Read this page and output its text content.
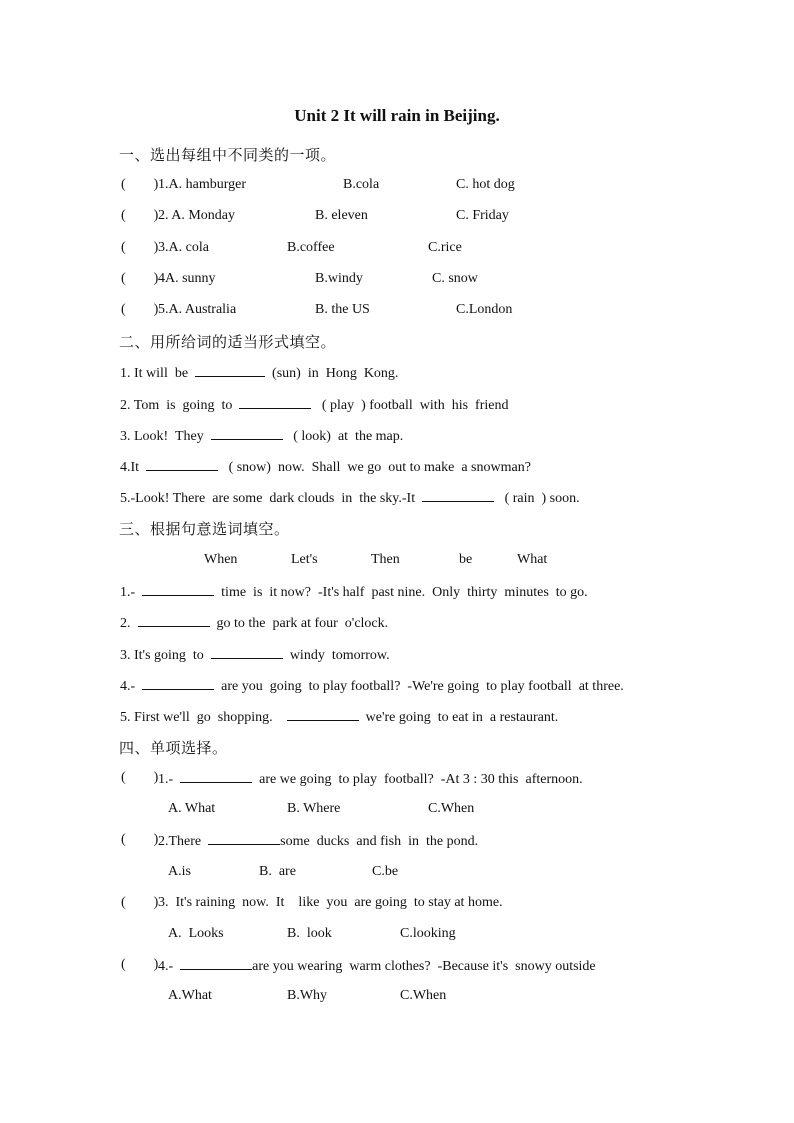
Unit 2 It will rain in Beijing.
一、选出每组中不同类的一项。
(        ) 1.A. hamburger	B.cola	C. hot dog
(        ) 2. A. Monday	B. eleven	C. Friday
(        ) 3.A. cola	B.coffee	C.rice
(        ) 4A. sunny	B.windy	C. snow
(        ) 5.A. Australia	B. the US	C.London
二、用所给词的适当形式填空。
1. It will  be	(sun)  in  Hong  Kong.
2. Tom  is  going  to	( play  ) football  with  his  friend
3. Look!  They	( look)  at  the map.
4.It	( snow)  now.  Shall  we go  out to make  a snowman?
5.-Look! There  are some  dark clouds  in  the sky.-It	( rain  ) soon.
三、根据句意选词填空。
When	Let's	Then	be	What
1.-	time  is  it now?  -It's half  past nine.  Only  thirty  minutes  to go.
2.	go to the  park at four  o'clock.
3. It's going  to	windy  tomorrow.
4.-	are you  going  to play football?  -We're going  to play football  at three.
5. First we'll  go  shopping.	we're going  to eat in  a restaurant.
四、单项选择。
(        ) 1.-	are we going  to play  football?  -At 3 : 30 this  afternoon.
A. What	B. Where	C.When
(        ) 2.There	some  ducks  and fish  in  the pond.
A.is	B.  are	C.be
(        ) 3.  It's raining  now.  It    like  you  are going  to stay at home.
A.  Looks	B.  look	C.looking
(        ) 4.-	are you wearing  warm clothes?  -Because it's  snowy outside
A.What	B.Why	C.When
